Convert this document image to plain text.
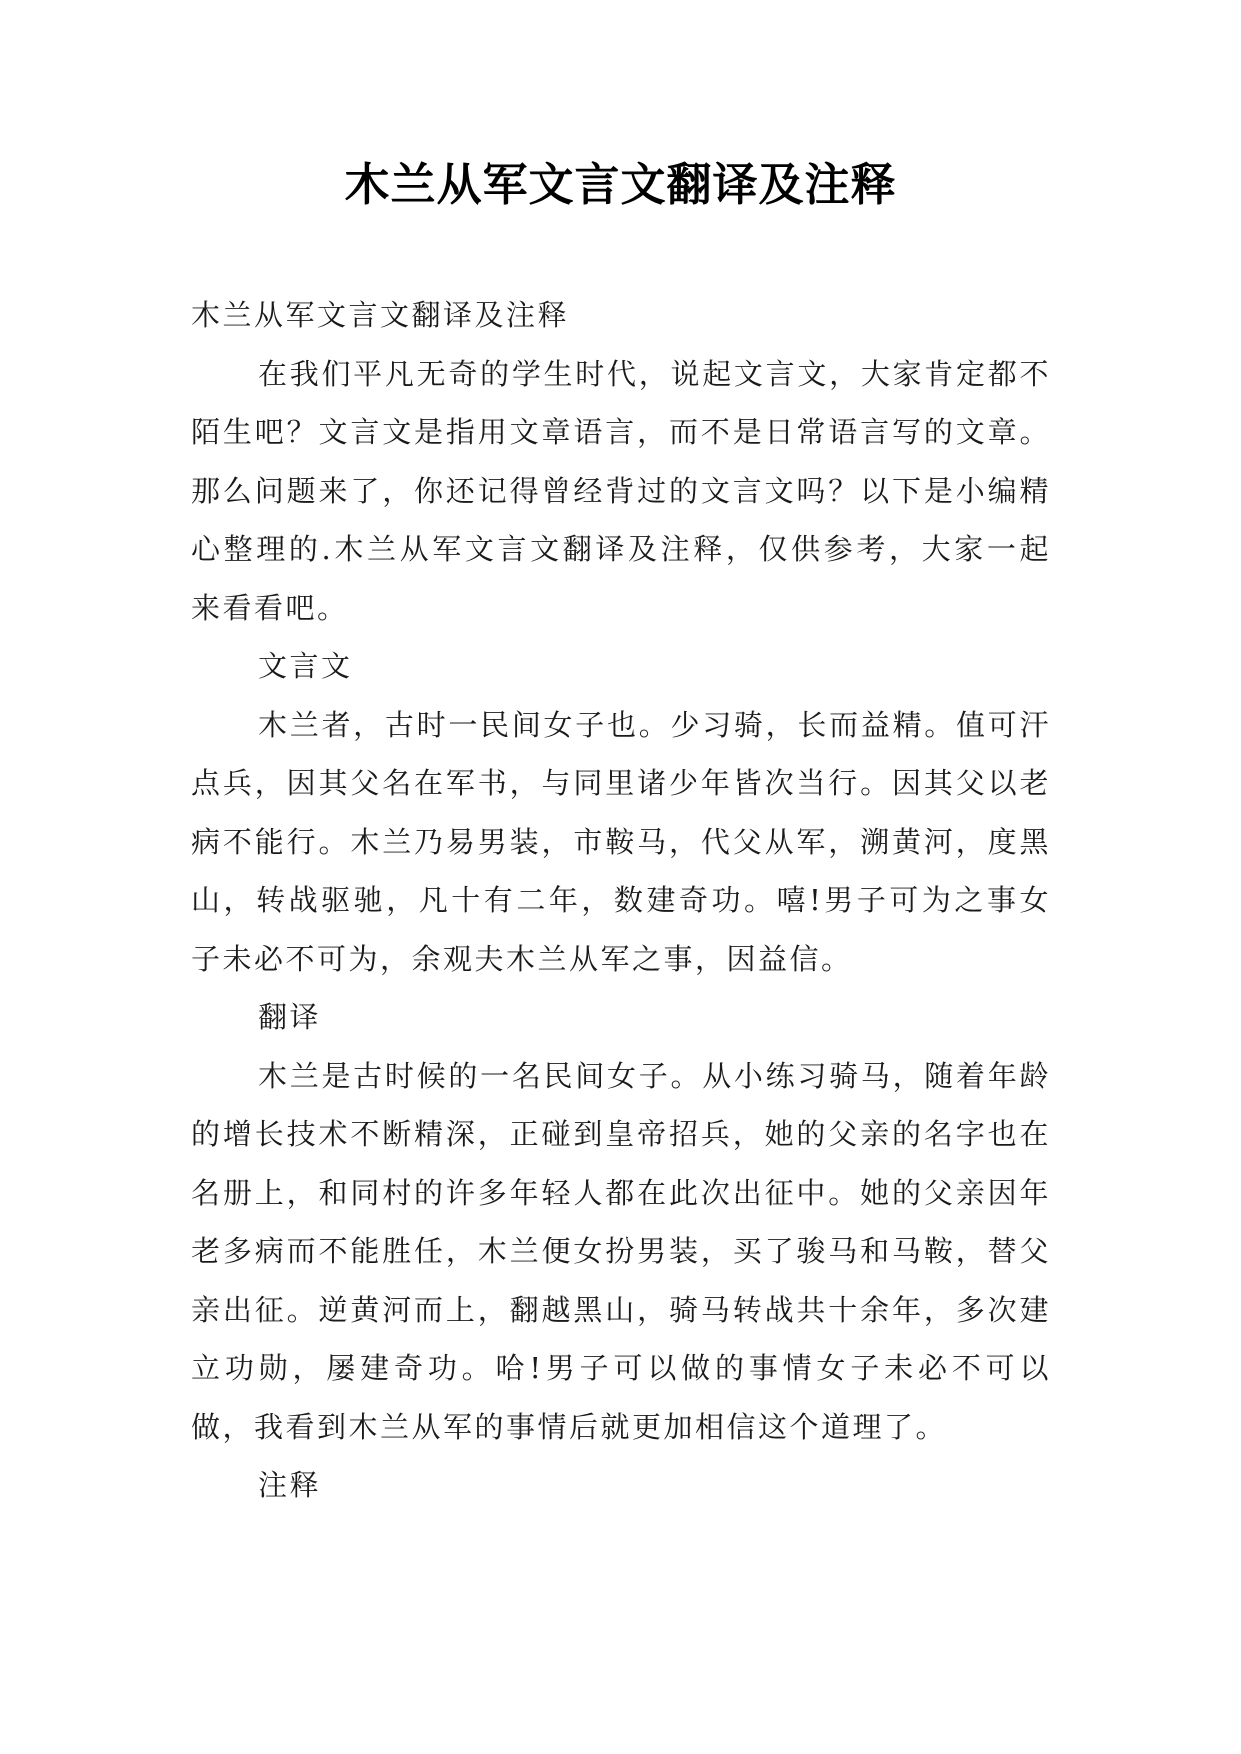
木兰从军文言文翻译及注释

木兰从军文言文翻译及注释

在我们平凡无奇的学生时代，说起文言文，大家肯定都不陌生吧？文言文是指用文章语言，而不是日常语言写的文章。那么问题来了，你还记得曾经背过的文言文吗？以下是小编精心整理的.木兰从军文言文翻译及注释，仅供参考，大家一起来看看吧。

文言文

木兰者，古时一民间女子也。少习骑，长而益精。值可汗点兵，因其父名在军书，与同里诸少年皆次当行。因其父以老病不能行。木兰乃易男装，市鞍马，代父从军，溯黄河，度黑山，转战驱驰，凡十有二年，数建奇功。嘻!男子可为之事女子未必不可为，余观夫木兰从军之事，因益信。

翻译

木兰是古时候的一名民间女子。从小练习骑马，随着年龄的增长技术不断精深，正碰到皇帝招兵，她的父亲的名字也在名册上，和同村的许多年轻人都在此次出征中。她的父亲因年老多病而不能胜任，木兰便女扮男装，买了骏马和马鞍，替父亲出征。逆黄河而上，翻越黑山，骑马转战共十余年，多次建立功勋，屡建奇功。哈!男子可以做的事情女子未必不可以做，我看到木兰从军的事情后就更加相信这个道理了。

注释
